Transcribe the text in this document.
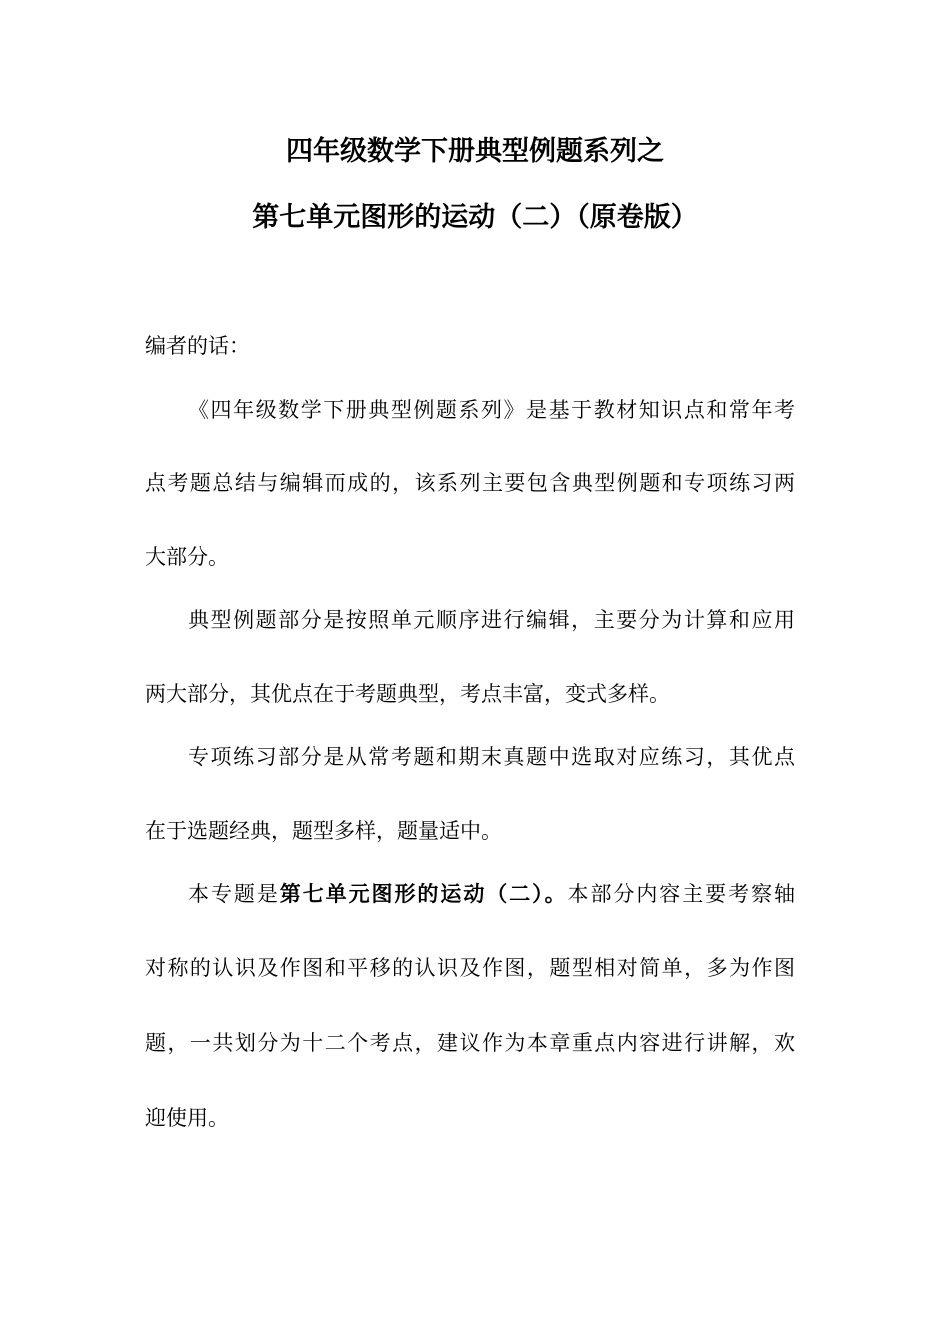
四年级数学下册典型例题系列之
第七单元图形的运动（二）（原卷版）
编者的话：
《四年级数学下册典型例题系列》是基于教材知识点和常年考
点考题总结与编辑而成的，该系列主要包含典型例题和专项练习两
大部分。
典型例题部分是按照单元顺序进行编辑，主要分为计算和应用
两大部分，其优点在于考题典型，考点丰富，变式多样。
专项练习部分是从常考题和期末真题中选取对应练习，其优点
在于选题经典，题型多样，题量适中。
本专题是第七单元图形的运动（二）。本部分内容主要考察轴
对称的认识及作图和平移的认识及作图，题型相对简单，多为作图
题，一共划分为十二个考点，建议作为本章重点内容进行讲解，欢
迎使用。
